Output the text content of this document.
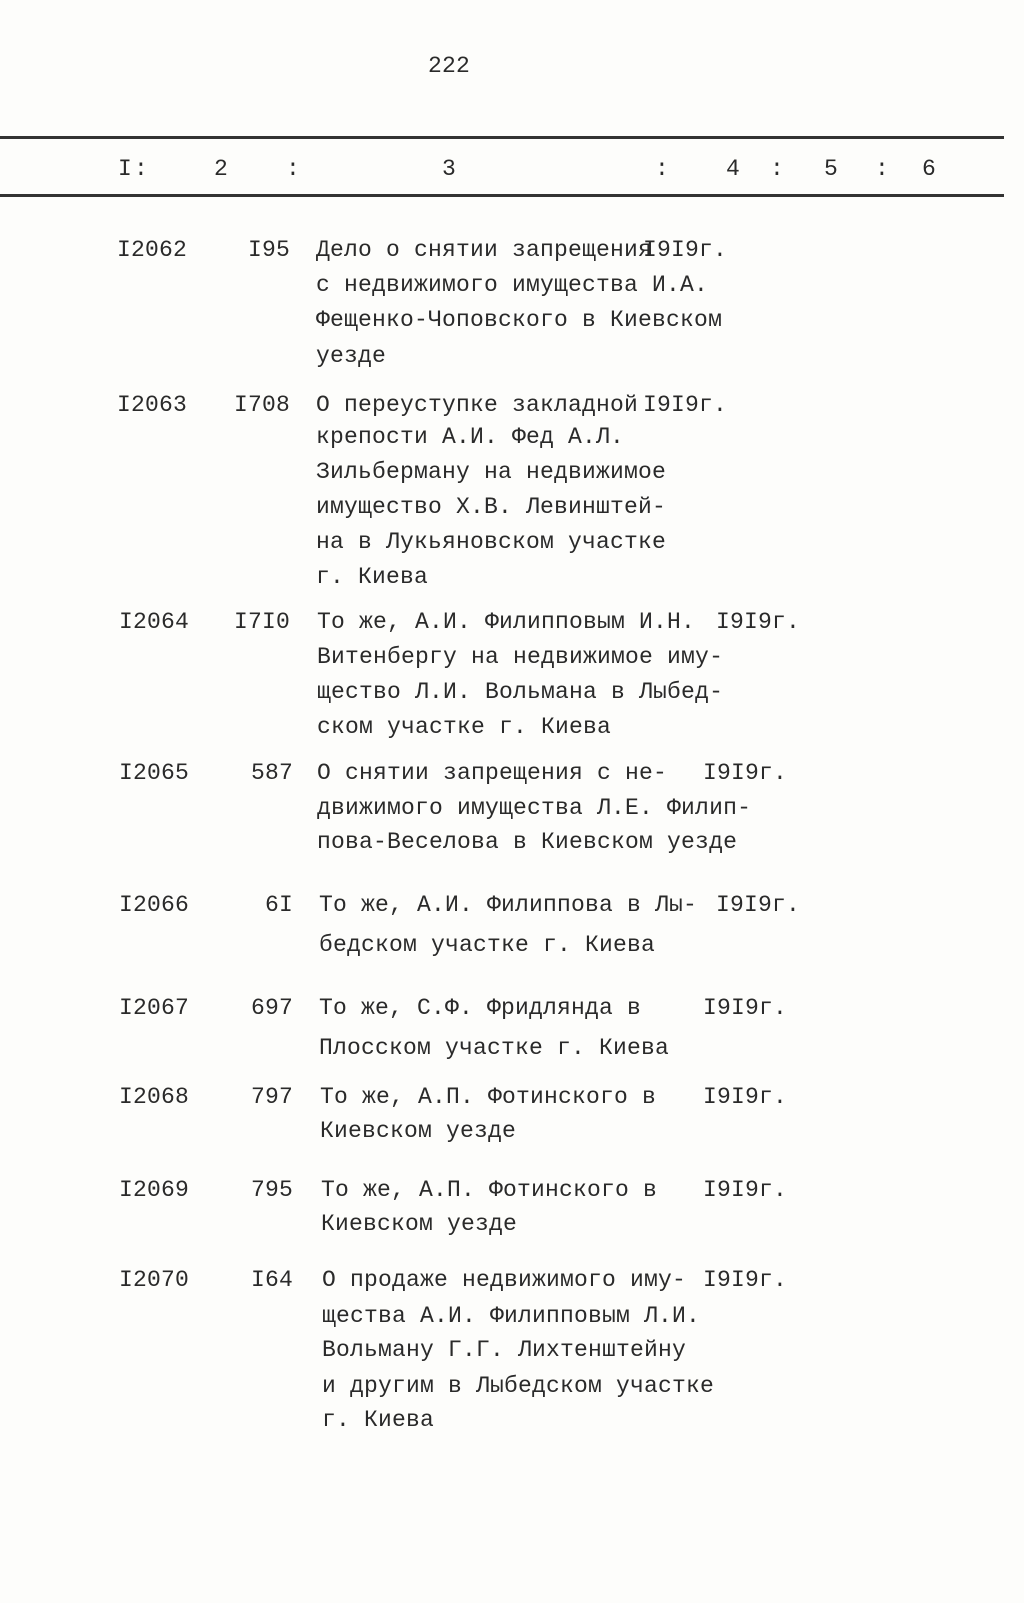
222
I :	2	:	3	: 4 : 5 : 6
I2062	I95 Дело о снятии запрещения
с недвижимого имущества И.А.
Фещенко-Чоповского в Киевском
уезде
I9I9г.
I2063	I708 О переуступке закладной
крепости А.И. Фед А.Л.
Зильберману на недвижимое
имущество Х.В. Левинштей-
на в Лукьяновском участке
г. Киева
I9I9г.
I2064	I7I0 То же, А.И. Филипповым И.Н.
Витенбергу на недвижимое иму-
щество Л.И. Вольмана в Лыбед-
ском участке г. Киева
I9I9г.
I2065	587 О снятии запрещения с не-
движимого имущества Л.Е. Филип-
пова-Веселова в Киевском уезде
I9I9г.
I2066	6I То же, А.И. Филиппова в Лы-
бедском участке г. Киева
I9I9г.
I2067	697 То же, С.Ф. Фридлянда в
Плосском участке г. Киева
I9I9г.
I2068	797 То же, А.П. Фотинского в
Киевском уезде
I9I9г.
I2069	795 То же, А.П. Фотинского в
Киевском уезде
I9I9г.
I2070	I64 О продаже недвижимого иму-
щества А.И. Филипповым Л.И.
Вольману Г.Г. Лихтенштейну
и другим в Лыбедском участке
г. Киева
I9I9г.
